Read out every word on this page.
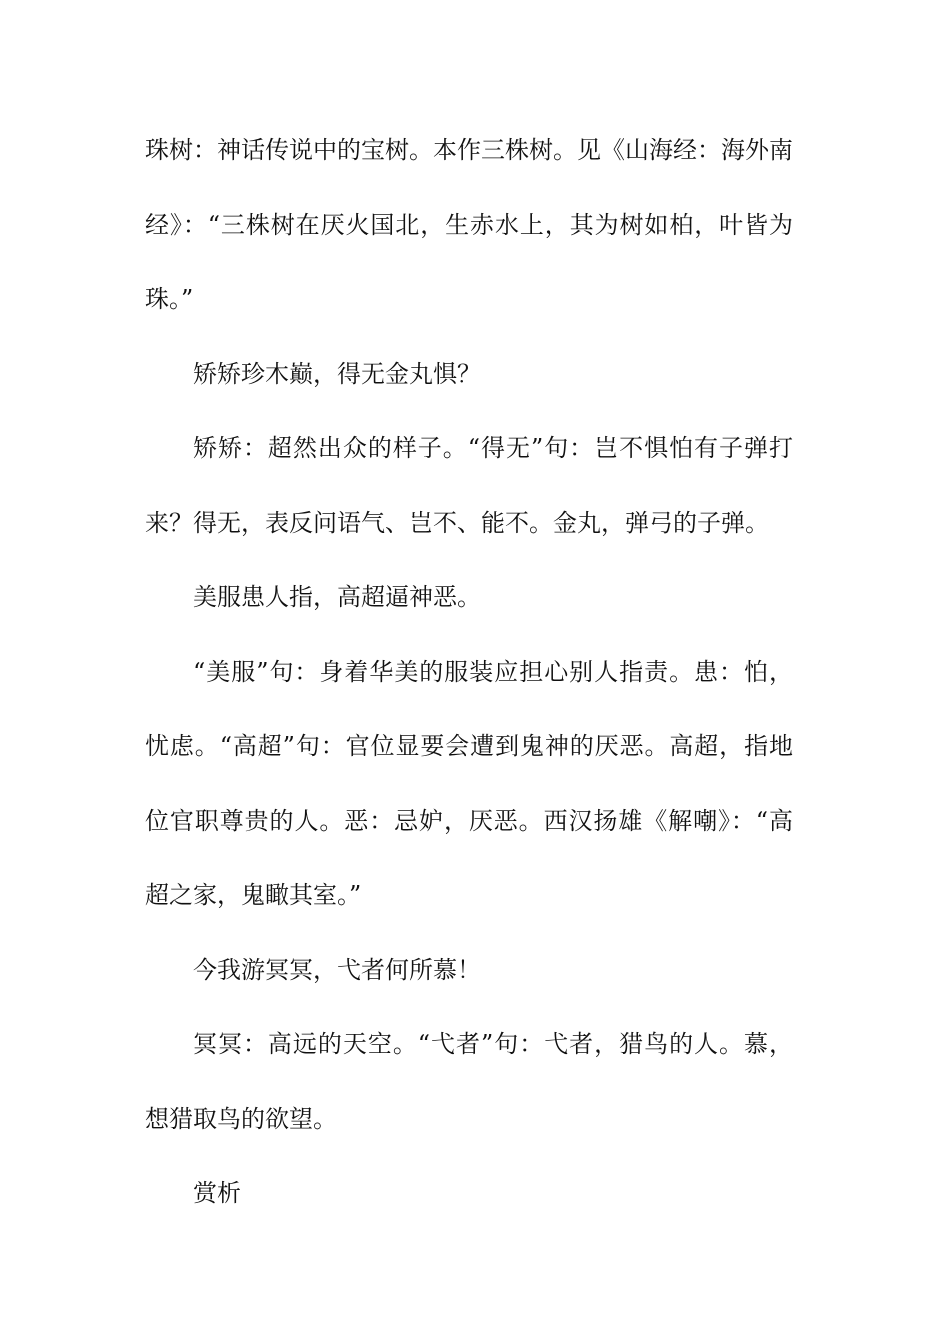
珠树：神话传说中的宝树。本作三株树。见《山海经：海外南经》：“三株树在厌火国北，生赤水上，其为树如柏，叶皆为珠。”

矫矫珍木巅，得无金丸惧？

矫矫：超然出众的样子。“得无”句：岂不惧怕有子弹打来？得无，表反问语气、岂不、能不。金丸，弹弓的子弹。

美服患人指，高超逼神恶。

“美服”句：身着华美的服装应担心别人指责。患：怕，忧虑。“高超”句：官位显要会遭到鬼神的厌恶。高超，指地位官职尊贵的人。恶：忌妒，厌恶。西汉扬雄《解嘲》：“高超之家，鬼瞰其室。”

今我游冥冥，弋者何所慕！

冥冥：高远的天空。“弋者”句：弋者，猎鸟的人。慕，想猎取鸟的欲望。

赏析
